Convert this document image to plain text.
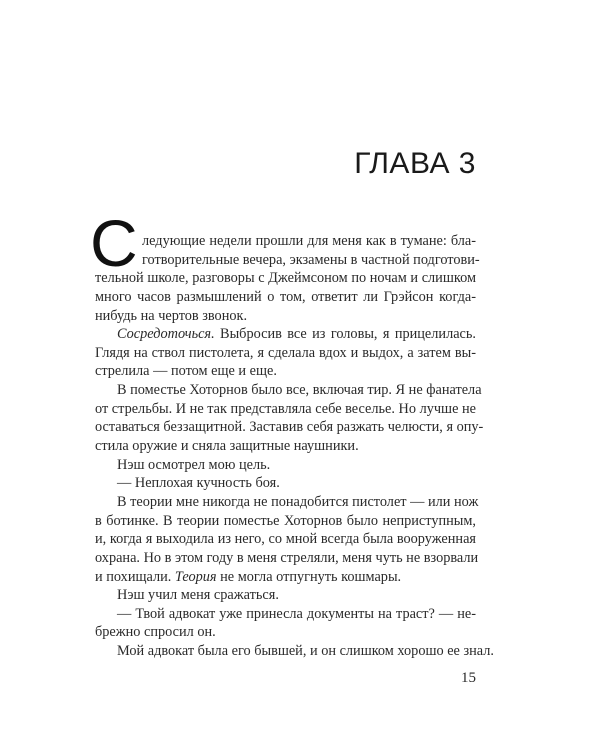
ГЛАВА 3
С ледующие недели прошли для меня как в тумане: бла-
готворительные вечера, экзамены в частной подготови-
тельной школе, разговоры с Джеймсоном по ночам и слишком
много часов размышлений о том, ответит ли Грэйсон когда-
нибудь на чертов звонок.
Сосредоточься. Выбросив все из головы, я прицелилась.
Глядя на ствол пистолета, я сделала вдох и выдох, а затем вы-
стрелила — потом еще и еще.
В поместье Хоторнов было все, включая тир. Я не фанатела
от стрельбы. И не так представляла себе веселье. Но лучше не
оставаться беззащитной. Заставив себя разжать челюсти, я опу-
стила оружие и сняла защитные наушники.
Нэш осмотрел мою цель.
— Неплохая кучность боя.
В теории мне никогда не понадобится пистолет — или нож
в ботинке. В теории поместье Хоторнов было неприступным,
и, когда я выходила из него, со мной всегда была вооруженная
охрана. Но в этом году в меня стреляли, меня чуть не взорвали
и похищали. Теория не могла отпугнуть кошмары.
Нэш учил меня сражаться.
— Твой адвокат уже принесла документы на траст? — не-
брежно спросил он.
Мой адвокат была его бывшей, и он слишком хорошо ее знал.
15
